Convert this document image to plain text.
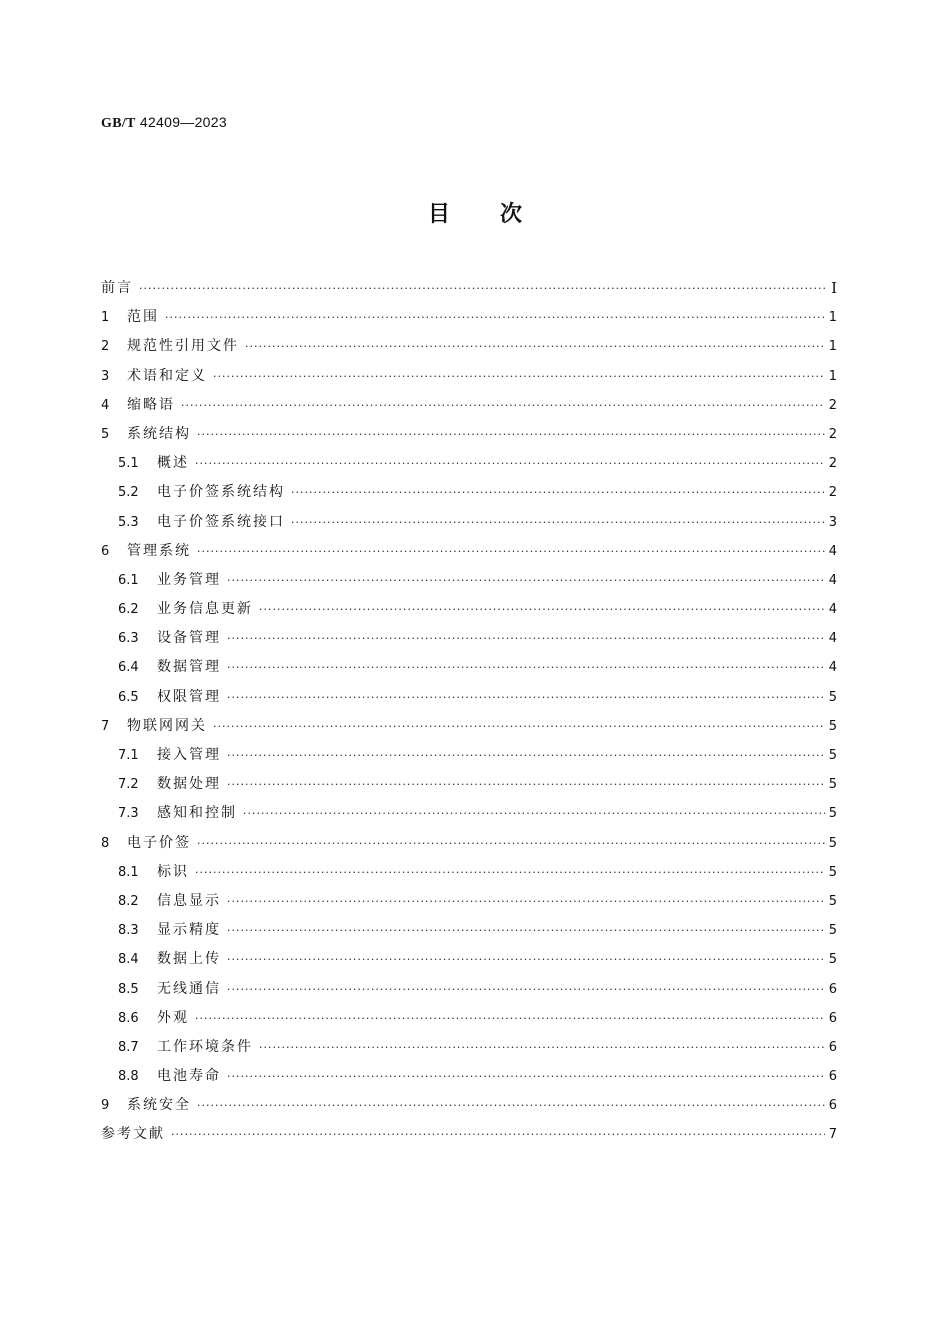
GB/T 42409—2023
目次
前言 ·····	Ⅰ
1	范围 ·····	1
2	规范性引用文件 ·····	1
3	术语和定义 ·····	1
4	缩略语 ·····	2
5	系统结构 ·····	2
5.1	概述 ·····	2
5.2	电子价签系统结构 ·····	2
5.3	电子价签系统接口 ·····	3
6	管理系统 ·····	4
6.1	业务管理 ·····	4
6.2	业务信息更新 ·····	4
6.3	设备管理 ·····	4
6.4	数据管理 ·····	4
6.5	权限管理 ·····	5
7	物联网网关 ·····	5
7.1	接入管理 ·····	5
7.2	数据处理 ·····	5
7.3	感知和控制 ·····	5
8	电子价签 ·····	5
8.1	标识 ·····	5
8.2	信息显示 ·····	5
8.3	显示精度 ·····	5
8.4	数据上传 ·····	5
8.5	无线通信 ·····	6
8.6	外观 ·····	6
8.7	工作环境条件 ·····	6
8.8	电池寿命 ·····	6
9	系统安全 ·····	6
参考文献 ·····	7
